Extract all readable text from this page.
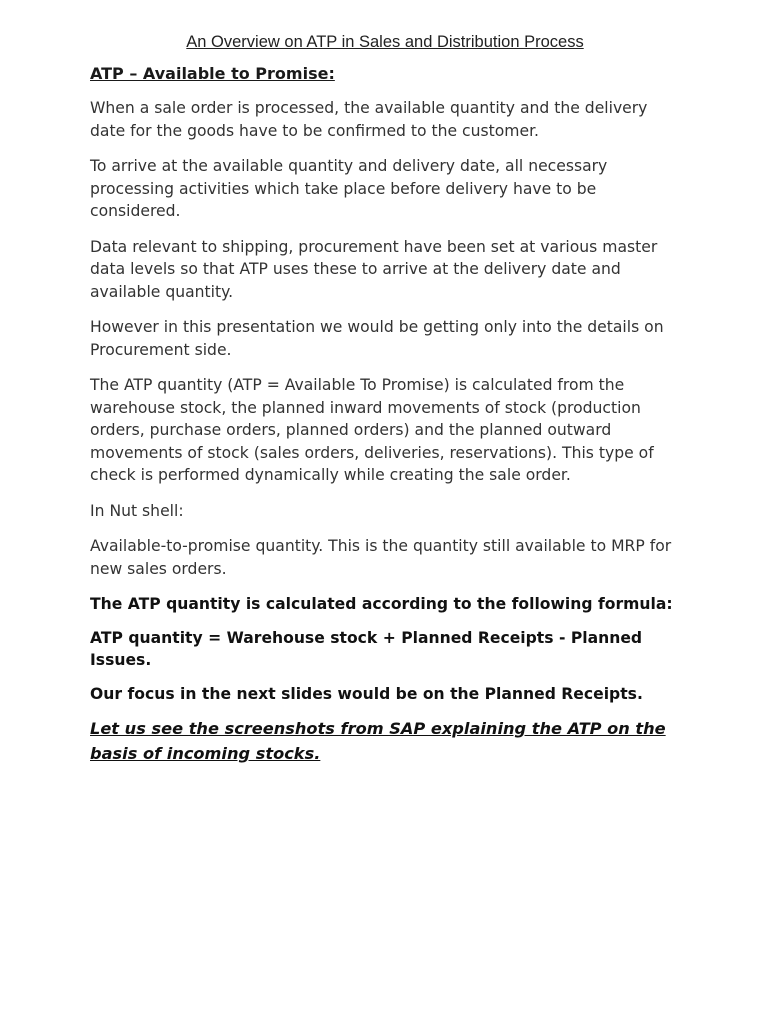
An Overview on ATP in Sales and Distribution Process
ATP – Available to Promise:

When a sale order is processed, the available quantity and the delivery date for the goods have to be confirmed to the customer.

To arrive at the available quantity and delivery date, all necessary processing activities which take place before delivery have to be considered.

Data relevant to shipping, procurement have been set at various master data levels so that ATP uses these to arrive at the delivery date and available quantity.

However in this presentation we would be getting only into the details on Procurement side.

The ATP quantity (ATP = Available To Promise) is calculated from the warehouse stock, the planned inward movements of stock (production orders, purchase orders, planned orders) and the planned outward movements of stock (sales orders, deliveries, reservations). This type of check is performed dynamically while creating the sale order.

In Nut shell:

Available-to-promise quantity. This is the quantity still available to MRP for new sales orders.

The ATP quantity is calculated according to the following formula:

ATP quantity = Warehouse stock + Planned Receipts - Planned Issues.

Our focus in the next slides would be on the Planned Receipts.

Let us see the screenshots from SAP explaining the ATP on the basis of incoming stocks.
